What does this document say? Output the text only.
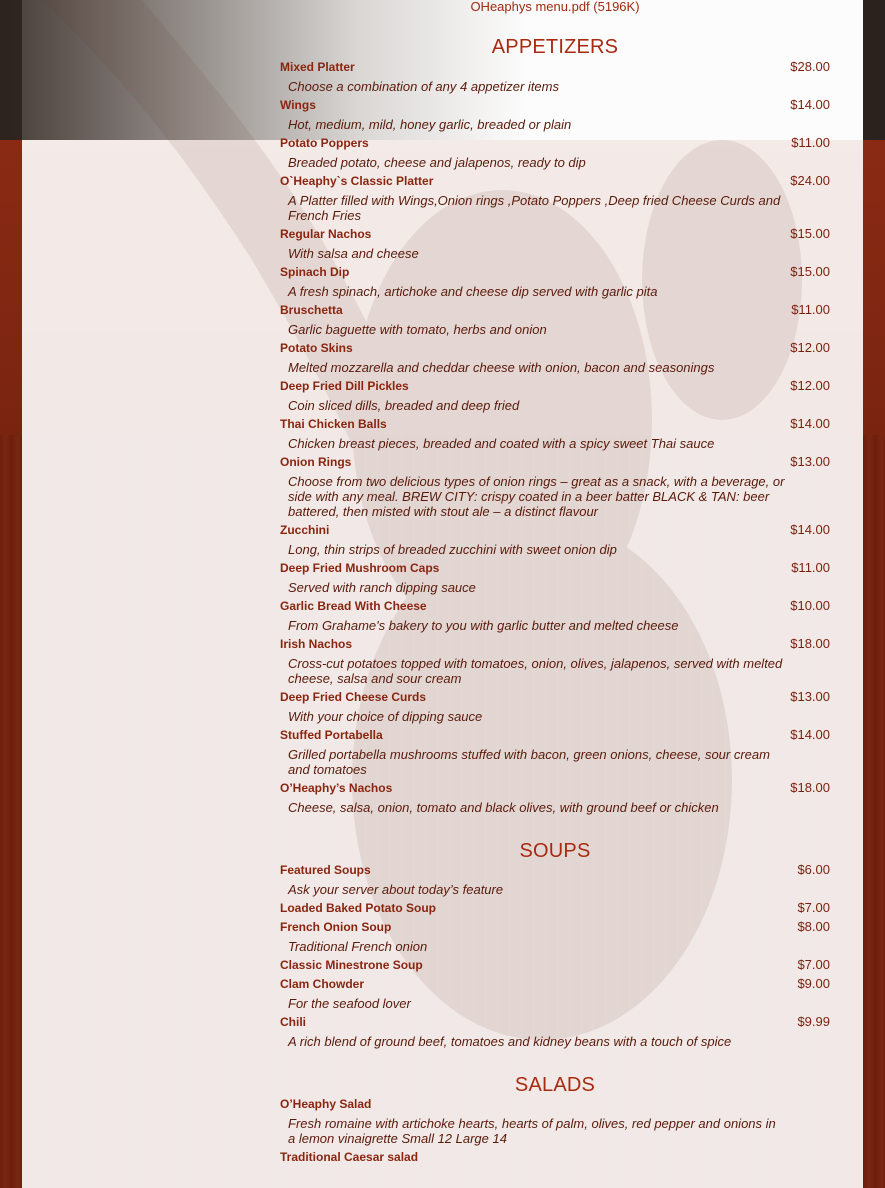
OHeaphys menu.pdf (5196K)
APPETIZERS
Mixed Platter	$28.00
Choose a combination of any 4 appetizer items
Wings	$14.00
Hot, medium, mild, honey garlic, breaded or plain
Potato Poppers	$11.00
Breaded potato, cheese and jalapenos, ready to dip
O`Heaphy`s Classic Platter	$24.00
A Platter filled with Wings,Onion rings ,Potato Poppers ,Deep fried Cheese Curds and French Fries
Regular Nachos	$15.00
With salsa and cheese
Spinach Dip	$15.00
A fresh spinach, artichoke and cheese dip served with garlic pita
Bruschetta	$11.00
Garlic baguette with tomato, herbs and onion
Potato Skins	$12.00
Melted mozzarella and cheddar cheese with onion, bacon and seasonings
Deep Fried Dill Pickles	$12.00
Coin sliced dills, breaded and deep fried
Thai Chicken Balls	$14.00
Chicken breast pieces, breaded and coated with a spicy sweet Thai sauce
Onion Rings	$13.00
Choose from two delicious types of onion rings – great as a snack, with a beverage, or side with any meal. BREW CITY: crispy coated in a beer batter BLACK & TAN: beer battered, then misted with stout ale – a distinct flavour
Zucchini	$14.00
Long, thin strips of breaded zucchini with sweet onion dip
Deep Fried Mushroom Caps	$11.00
Served with ranch dipping sauce
Garlic Bread With Cheese	$10.00
From Grahame's bakery to you with garlic butter and melted cheese
Irish Nachos	$18.00
Cross-cut potatoes topped with tomatoes, onion, olives, jalapenos, served with melted cheese, salsa and sour cream
Deep Fried Cheese Curds	$13.00
With your choice of dipping sauce
Stuffed Portabella	$14.00
Grilled portabella mushrooms stuffed with bacon, green onions, cheese, sour cream and tomatoes
O’Heaphy’s Nachos	$18.00
Cheese, salsa, onion, tomato and black olives, with ground beef or chicken
SOUPS
Featured Soups	$6.00
Ask your server about today’s feature
Loaded Baked Potato Soup	$7.00
French Onion Soup	$8.00
Traditional French onion
Classic Minestrone Soup	$7.00
Clam Chowder	$9.00
For the seafood lover
Chili	$9.99
A rich blend of ground beef, tomatoes and kidney beans with a touch of spice
SALADS
O’Heaphy Salad
Fresh romaine with artichoke hearts, hearts of palm, olives, red pepper and onions in a lemon vinaigrette Small 12 Large 14
Traditional Caesar salad
